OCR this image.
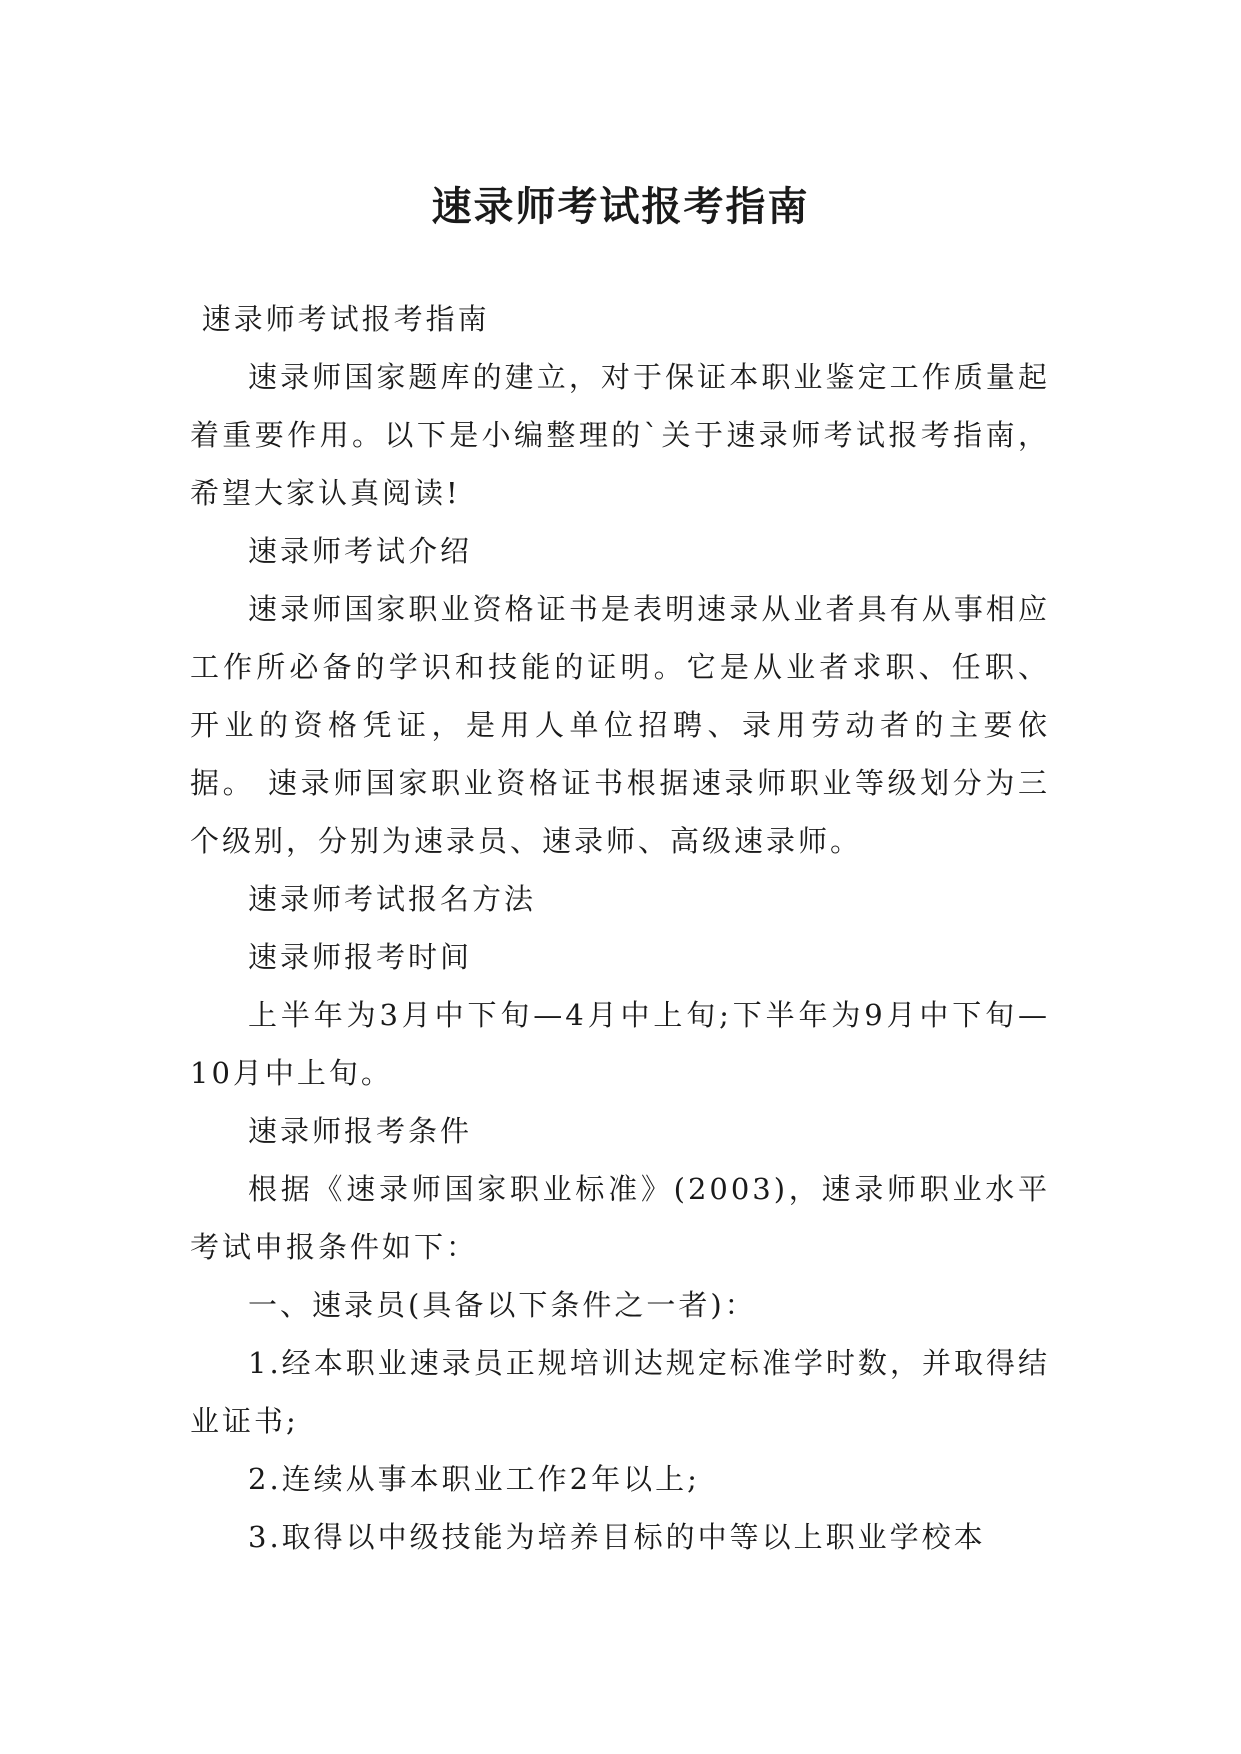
速录师考试报考指南

速录师考试报考指南

速录师国家题库的建立，对于保证本职业鉴定工作质量起着重要作用。以下是小编整理的`关于速录师考试报考指南，希望大家认真阅读!

速录师考试介绍

速录师国家职业资格证书是表明速录从业者具有从事相应工作所必备的学识和技能的证明。它是从业者求职、任职、开业的资格凭证，是用人单位招聘、录用劳动者的主要依据。 速录师国家职业资格证书根据速录师职业等级划分为三个级别，分别为速录员、速录师、高级速录师。

速录师考试报名方法

速录师报考时间

上半年为3月中下旬—4月中上旬;下半年为9月中下旬—10月中上旬。

速录师报考条件

根据《速录师国家职业标准》(2003)，速录师职业水平考试申报条件如下：

一、速录员(具备以下条件之一者)：

1.经本职业速录员正规培训达规定标准学时数，并取得结业证书;

2.连续从事本职业工作2年以上;

3.取得以中级技能为培养目标的中等以上职业学校本
